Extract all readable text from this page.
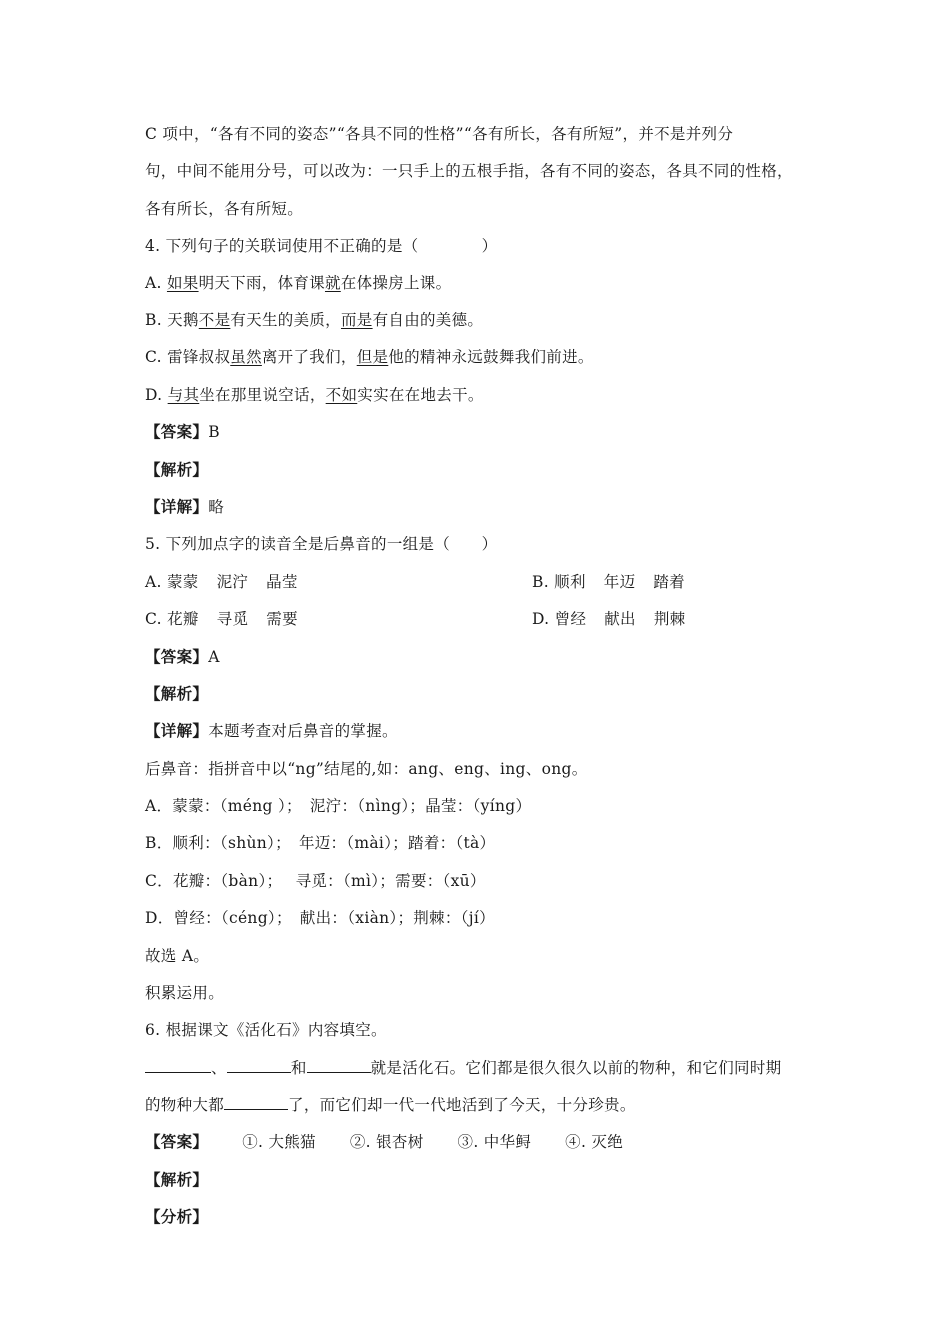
C 项中，“各有不同的姿态”“各具不同的性格”“各有所长，各有所短”，并不是并列分
句，中间不能用分号，可以改为：一只手上的五根手指，各有不同的姿态，各具不同的性格，
各有所长，各有所短。
4. 下列句子的关联词使用不正确的是（　　　　）
A. 如果明天下雨，体育课就在体操房上课。
B. 天鹅不是有天生的美质，而是有自由的美德。
C. 雷锋叔叔虽然离开了我们，但是他的精神永远鼓舞我们前进。
D. 与其坐在那里说空话，不如实实在在地去干。
【答案】B
【解析】
【详解】略
5. 下列加点字的读音全是后鼻音的一组是（　　）
A. 蒙蒙 泥泞 晶莹	B. 顺利 年迈 踏着
C. 花瓣 寻觅 需要	D. 曾经 献出 荆棘
【答案】A
【解析】
【详解】本题考查对后鼻音的掌握。
后鼻音：指拼音中以“ng”结尾的,如：ang、eng、ing、ong。
A．蒙蒙：（méng ）；　泥泞：（nìng）；晶莹：（yíng）
B．顺利：（shùn）；　年迈：（mài）；踏着：（tà）
C．花瓣：（bàn）；　 寻觅：（mì）；需要：（xū）
D．曾经：（céng）；　献出：（xiàn）；荆棘：（jí）
故选 A。
积累运用。
6. 根据课文《活化石》内容填空。
、	和	就是活化石。它们都是很久很久以前的物种，和它们同时期
的物种大都	了，而它们却一代一代地活到了今天，十分珍贵。
【答案】 ①. 大熊猫 ②. 银杏树 ③. 中华鲟 ④. 灭绝
【解析】
【分析】
